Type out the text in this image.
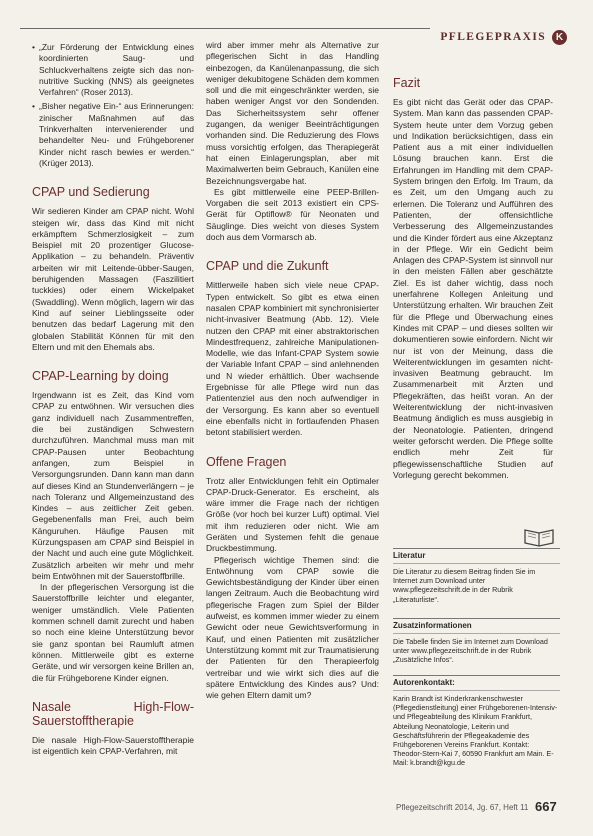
PFLEGEPRAXIS K
• „Zur Förderung der Entwicklung eines koordinierten Saug- und Schluckverhaltens zeigte sich das non-nutritive Sucking (NNS) als geeignetes Verfahren“ (Roser 2013).
• „Bisher negative Ein-“ aus Erinnerungen: zinischer Maßnahmen auf das Trinkverhalten intervenierender und behandelter Neu- und Frühgeborener Kinder nicht rasch bewies er werden.“ (Krüger 2013).
CPAP und Sedierung

Wir sedieren Kinder am CPAP nicht. Wohl steigen wir, dass das Kind mit nicht erkämpftem Schmerzlosigkeit – zum Beispiel mit 20 prozentiger Glucose-Applikation – zu behandeln. Präventiv arbeiten wir mit Leitende-übber-Saugen, beruhigenden Massagen (Faszilitiert tuckkies) oder einem Wickelpaket (Swaddling). Wenn möglich, lagern wir das Kind auf seiner Lieblingsseite oder benutzen das bedarf Lagerung mit den globalen Stabilität Können für mit den Eltern und mit den Ehemals abs.

CPAP-Learning by doing

Irgendwann ist es Zeit, das Kind vom CPAP zu entwöhnen. Wir versuchen dies ganz individuell nach Zusammentreffen, die bei zuständigen Schwestern durchzuführen. Manchmal muss man mit CPAP-Pausen unter Beobachtung anfangen, zum Beispiel in Versorgungsrunden. Dann kann man dann auf dieses Kind an Stundenverlängern – je nach Toleranz und Allgemeinzustand des Kindes – aus zeitlicher Zeit geben. Gegebenenfalls man Frei, auch beim Känguruhen. Häufige Pausen mit Kürzungspasen am CPAP sind Beispiel in der Nacht und auch eine gute Möglichkeit. Zusätzlich arbeiten wir mehr und mehr beim Entwöhnen mit der Sauerstoffbrille.

In der pflegerischen Versorgung ist die Sauerstoffbrille leichter und eleganter, weniger umständlich. Viele Patienten kommen schnell damit zurecht und haben so noch eine kleine Unterstützung bevor sie ganz spontan bei Raumluft atmen können. Mittlerweile gibt es externe Geräte, und wir versorgen keine Brillen an, die für Frühgeborene Kinder eignen.

Nasale High-Flow-Sauerstofftherapie

Die nasale High-Flow-Sauerstofftherapie ist eigentlich kein CPAP-Verfahren, mit

wird aber immer mehr als Alternative zur pflegerischen Sicht in das Handling einbezogen, da Kanülenanpassung, die sich weniger dekubitogene Schäden dem kommen soll und die mit eingeschränkter werden, sie haben weniger Angst vor den Sondenden. Das Sicherheitssystem sehr offener zugangen, da weniger Beeinträchtigungen vorhanden sind. Die Reduzierung des Flows muss vorsichtig erfolgen, das Therapiegerät hat einen Einlagerungsplan, aber mit Maximalwerten beim Gebrauch, Kanülen eine Bezeichnungsvergabe hat.

Es gibt mittlerweile eine PEEP-Brillen-Vorgaben die seit 2013 existiert ein CPS-Gerät für Optiflow® für Neonaten und Säuglinge. Dies weicht von dieses System doch aus dem Vormarsch ab.

CPAP und die Zukunft

Mittlerweile haben sich viele neue CPAP-Typen entwickelt. So gibt es etwa einen nasalen CPAP kombiniert mit synchronisierter nicht-invasiver Beatmung (Abb. 12). Viele nutzen den CPAP mit einer abstraktorischen Mindestfrequenz, zahlreiche Manipulationen-Modelle, wie das Infant-CPAP System sowie der Variable Infant CPAP – sind anlehnenden und N wieder erhältlich. Über wachsende Ergebnisse für alle Pflege wird nun das Patientenziel aus den noch aufwendiger in der Versorgung. Es kann aber so eventuell eine ebenfalls nicht in fortlaufenden Phasen betont stabilisiert werden.

Offene Fragen

Trotz aller Entwicklungen fehlt ein Optimaler CPAP-Druck-Generator. Es erscheint, als wäre immer die Frage nach der richtigen Größe (vor hoch bei kurzer Luft) optimal. Viel mit ihm reduzieren oder nicht. Wie am Geräten und Systemen fehlt die genaue Druckbestimmung.

Pflegerisch wichtige Themen sind: die Entwöhnung vom CPAP sowie die Gewichtsbeständigung der Kinder über einen langen Zeitraum. Auch die Beobachtung wird pflegerische Fragen zum Spiel der Bilder aufweist, es kommen immer wieder zu einem Gewicht oder neue Gewichtsverformung in Kauf, und einen Patienten mit zusätzlicher Unterstützung kommt mit zur Traumatisierung der Patienten für den Therapieerfolg vertreibar und wie wirkt sich dies auf die spätere Entwicklung des Kindes aus? Und: wie gehen Eltern damit um?

Fazit

Es gibt nicht das Gerät oder das CPAP-System. Man kann das passenden CPAP-System heute unter dem Vorzug geben und Indikation berücksichtigen, dass ein Patient aus a mit einer individuellen Lösung brauchen kann. Erst die Erfahrungen im Handling mit dem CPAP-System bringen den Erfolg. Im Traum, da es Zeit, um den Umgang auch zu erlernen. Die Toleranz und Aufführen des Patienten, der offensichtliche Verbesserung des Allgemeinzustandes und die Kinder fördert aus eine Akzeptanz in der Pflege. Wir ein Gedicht beim Anlagen des CPAP-System ist sinnvoll nur in den meisten Fällen aber geschätzte Ziel. Es ist daher wichtig, dass noch unerfahrene Kollegen Anleitung und Unterstützung erhalten. Wir brauchen Zeit für die Pflege und Überwachung eines Kindes mit CPAP – und dieses sollten wir dokumentieren sowie einfordern. Nicht wir nur ist von der Meinung, dass die Weiterentwicklungen im gesamten nicht-invasiven Beatmung gebraucht. Im Zusammenarbeit mit Ärzten und Pflegekräften, das heißt voran. An der Weiterentwicklung der nicht-invasiven Beatmung ändiglich es muss ausgiebig in der Neonatologie. Patienten, dringend weiter geforscht werden. Die Pflege sollte endlich mehr Zeit für pflegewissenschaftliche Studien auf Vorlegung gerecht bekommen.

Literatur
Die Literatur zu diesem Beitrag finden Sie im Internet zum Download unter www.pflegezeitschrift.de in der Rubrik „Literaturliste“.
Zusatzinformationen
Die Tabelle finden Sie im Internet zum Download unter www.pflegezeitschrift.de in der Rubrik „Zusätzliche Infos“.
Autorenkontakt:
Karin Brandt ist Kinderkrankenschwester (Pflegedienstleitung) einer Frühgeborenen-Intensiv- und Pflegeabteilung des Klinikum Frankfurt, Abteilung Neonatologie, Leiterin und Geschäftsführerin der Pflegeakademie des Frühgeborenen Vereins Frankfurt. Kontakt: Theodor-Stern-Kai 7, 60590 Frankfurt am Main. E-Mail: k.brandt@kgu.de
Pflegezeitschrift 2014, Jg. 67, Heft 11 667
